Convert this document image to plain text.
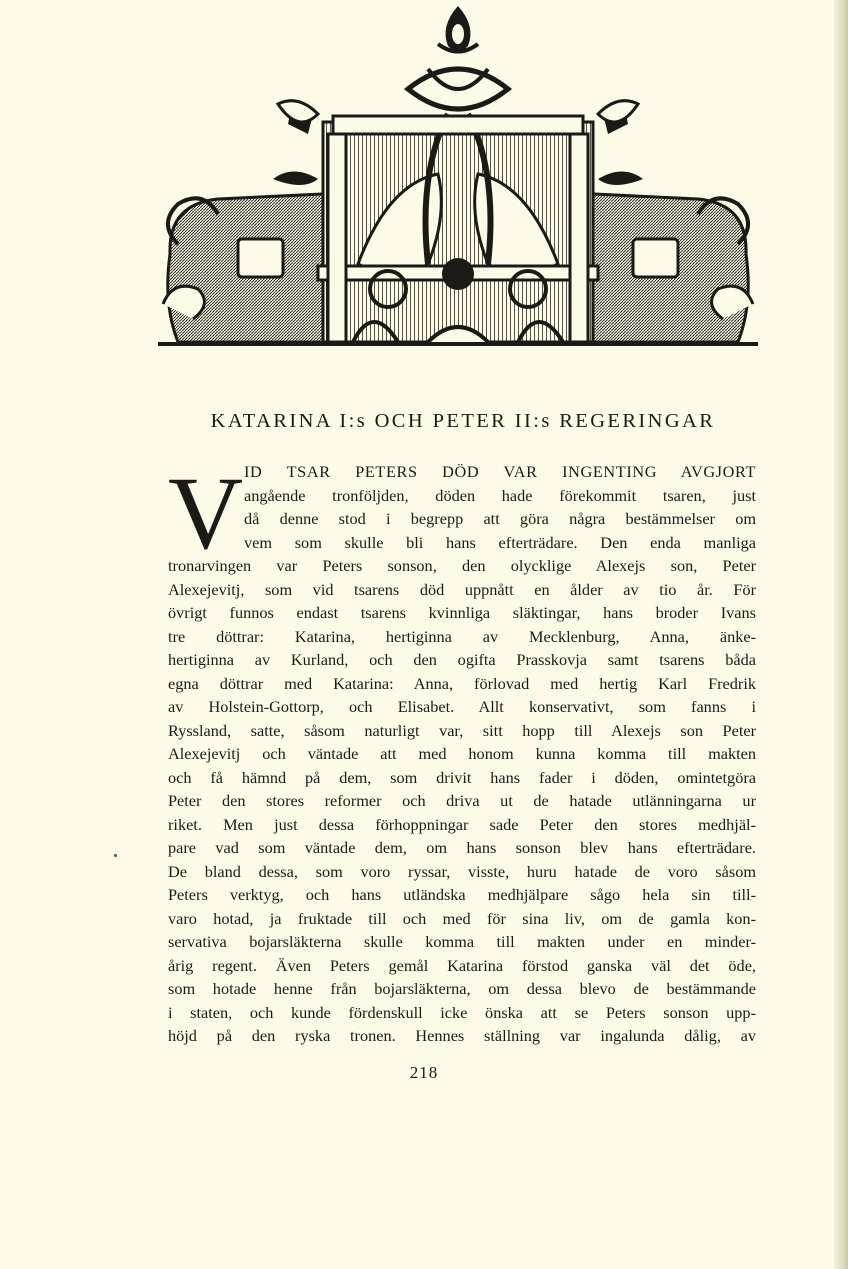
KATARINA I:s OCH PETER II:s REGERINGAR
V ID TSAR PETERS DÖD VAR INGENTING AVGJORT
angående tronföljden, döden hade förekommit tsaren, just
då denne stod i begrepp att göra några bestämmelser om
vem som skulle bli hans efterträdare. Den enda manliga
tronarvingen var Peters sonson, den olycklige Alexejs son, Peter
Alexejevitj, som vid tsarens död uppnått en ålder av tio år. För
övrigt funnos endast tsarens kvinnliga släktingar, hans broder Ivans
tre döttrar: Katarina, hertiginna av Mecklenburg, Anna, änke-
hertiginna av Kurland, och den ogifta Prasskovja samt tsarens båda
egna döttrar med Katarina: Anna, förlovad med hertig Karl Fredrik
av Holstein-Gottorp, och Elisabet. Allt konservativt, som fanns i
Ryssland, satte, såsom naturligt var, sitt hopp till Alexejs son Peter
Alexejevitj och väntade att med honom kunna komma till makten
och få hämnd på dem, som drivit hans fader i döden, omintetgöra
Peter den stores reformer och driva ut de hatade utlänningarna ur
riket. Men just dessa förhoppningar sade Peter den stores medhjäl-
pare vad som väntade dem, om hans sonson blev hans efterträdare.
De bland dessa, som voro ryssar, visste, huru hatade de voro såsom
Peters verktyg, och hans utländska medhjälpare sågo hela sin till-
varo hotad, ja fruktade till och med för sina liv, om de gamla kon-
servativa bojarsläkterna skulle komma till makten under en minder-
årig regent. Även Peters gemål Katarina förstod ganska väl det öde,
som hotade henne från bojarsläkterna, om dessa blevo de bestämmande
i staten, och kunde fördenskull icke önska att se Peters sonson upp-
höjd på den ryska tronen. Hennes ställning var ingalunda dålig, av
218
